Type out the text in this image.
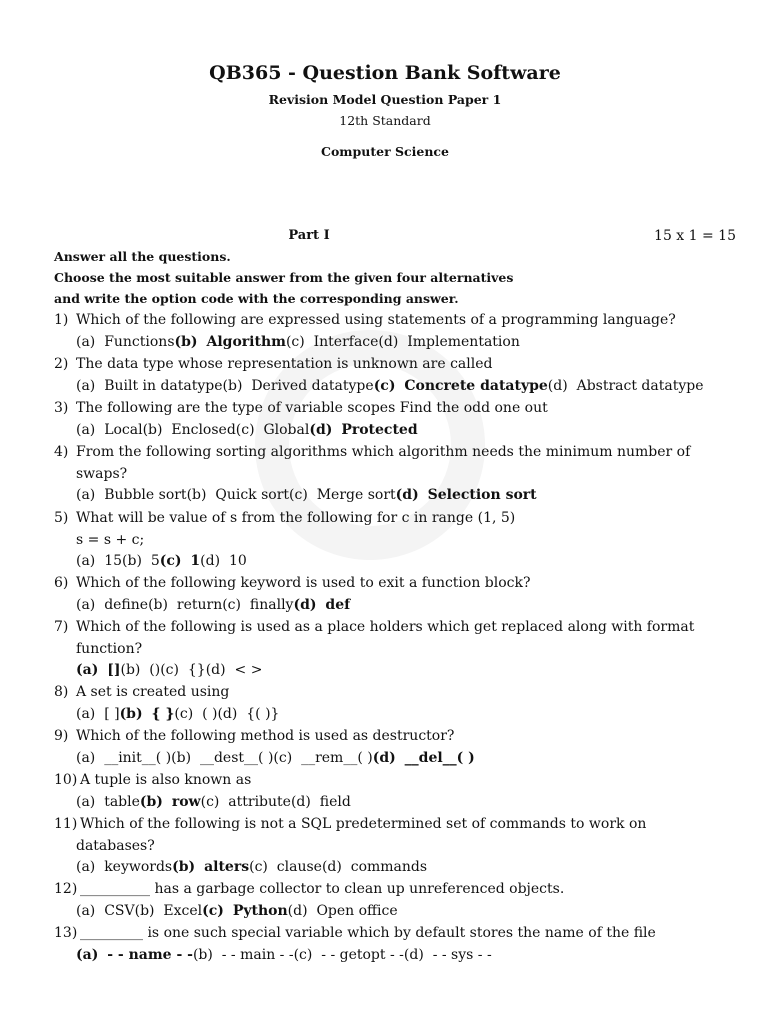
QB365 - Question Bank Software
Revision Model Question Paper 1
12th Standard
Computer Science
Part I	15 x 1 = 15
Answer all the questions.
Choose the most suitable answer from the given four alternatives
and write the option code with the corresponding answer.
1) Which of the following are expressed using statements of a programming language?
(a) Functions(b) Algorithm(c) Interface(d) Implementation
2) The data type whose representation is unknown are called
(a) Built in datatype(b) Derived datatype(c) Concrete datatype(d) Abstract datatype
3) The following are the type of variable scopes Find the odd one out
(a) Local(b) Enclosed(c) Global(d) Protected
4) From the following sorting algorithms which algorithm needs the minimum number of
swaps?
(a) Bubble sort(b) Quick sort(c) Merge sort(d) Selection sort
5) What will be value of s from the following for c in range (1, 5)
s = s + c;
(a) 15(b) 5(c) 1(d) 10
6) Which of the following keyword is used to exit a function block?
(a) define(b) return(c) finally(d) def
7) Which of the following is used as a place holders which get replaced along with format
function?
(a) [](b) ()(c) {}(d) < >
8) A set is created using
(a) [ ](b) { }(c) ( )(d) {( )}
9) Which of the following method is used as destructor?
(a) __init__( )(b) __dest__( )(c) __rem__( )(d) __del__( )
10) A tuple is also known as
(a) table(b) row(c) attribute(d) field
11) Which of the following is not a SQL predetermined set of commands to work on
databases?
(a) keywords(b) alters(c) clause(d) commands
12) __________ has a garbage collector to clean up unreferenced objects.
(a) CSV(b) Excel(c) Python(d) Open office
13) _________ is one such special variable which by default stores the name of the file
(a) - - name - -(b) - - main - -(c) - - getopt - -(d) - - sys - -
